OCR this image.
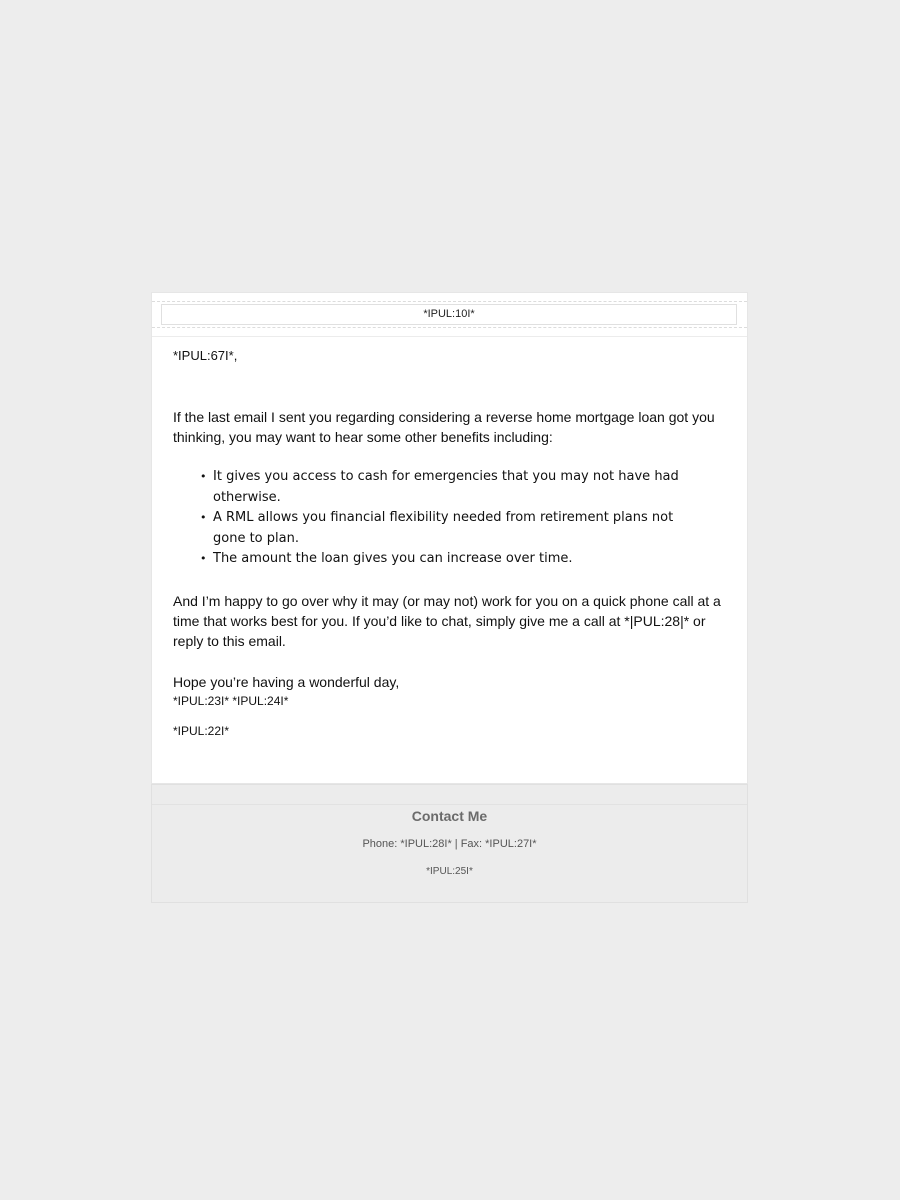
*IPUL:10I*

*IPUL:67I*,

If the last email I sent you regarding considering a reverse home mortgage loan got you thinking, you may want to hear some other benefits including:

• It gives you access to cash for emergencies that you may not have had otherwise.
• A RML allows you financial flexibility needed from retirement plans not gone to plan.
• The amount the loan gives you can increase over time.

And I’m happy to go over why it may (or may not) work for you on a quick phone call at a time that works best for you. If you’d like to chat, simply give me a call at *|PUL:28|* or reply to this email.

Hope you’re having a wonderful day,

*IPUL:23I* *IPUL:24I*

*IPUL:22I*

Contact Me
Phone: *IPUL:28I* | Fax: *IPUL:27I*
*IPUL:25I*
